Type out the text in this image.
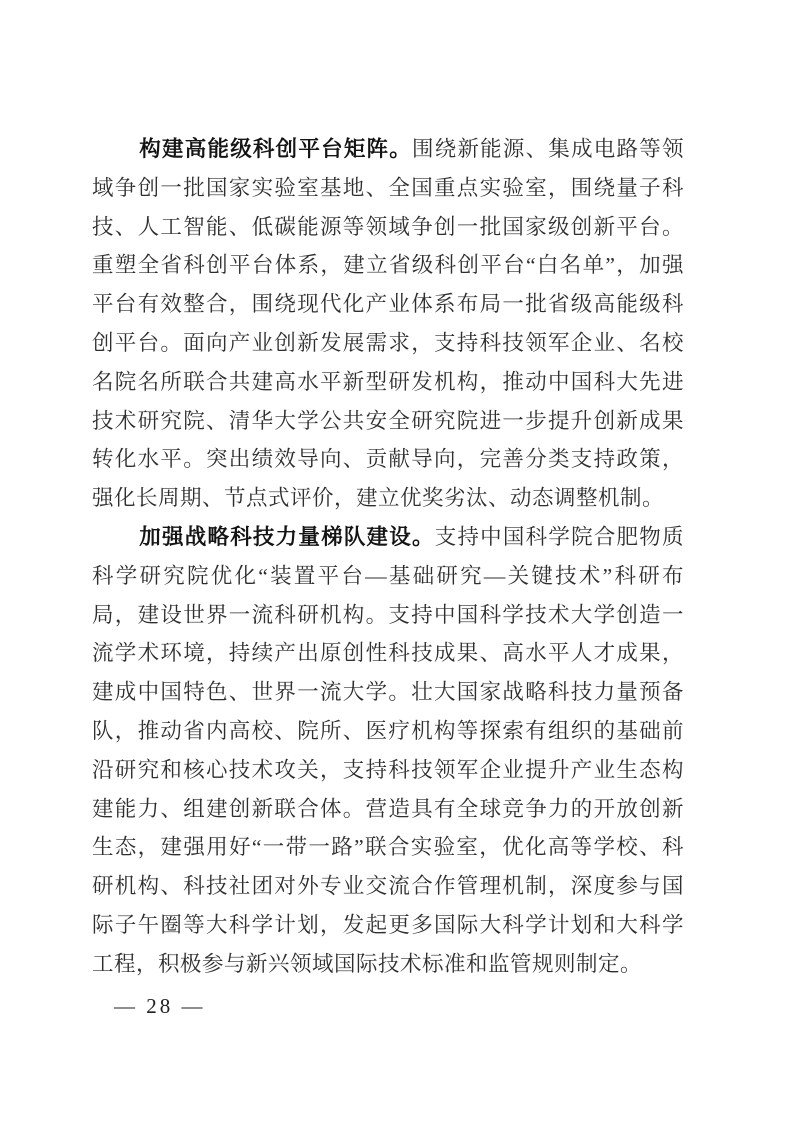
构建高能级科创平台矩阵。围绕新能源、集成电路等领域争创一批国家实验室基地、全国重点实验室，围绕量子科技、人工智能、低碳能源等领域争创一批国家级创新平台。重塑全省科创平台体系，建立省级科创平台“白名单”，加强平台有效整合，围绕现代化产业体系布局一批省级高能级科创平台。面向产业创新发展需求，支持科技领军企业、名校名院名所联合共建高水平新型研发机构，推动中国科大先进技术研究院、清华大学公共安全研究院进一步提升创新成果转化水平。突出绩效导向、贡献导向，完善分类支持政策，强化长周期、节点式评价，建立优奖劣汰、动态调整机制。

加强战略科技力量梯队建设。支持中国科学院合肥物质科学研究院优化“装置平台—基础研究—关键技术”科研布局，建设世界一流科研机构。支持中国科学技术大学创造一流学术环境，持续产出原创性科技成果、高水平人才成果，建成中国特色、世界一流大学。壮大国家战略科技力量预备队，推动省内高校、院所、医疗机构等探索有组织的基础前沿研究和核心技术攻关，支持科技领军企业提升产业生态构建能力、组建创新联合体。营造具有全球竞争力的开放创新生态，建强用好“一带一路”联合实验室，优化高等学校、科研机构、科技社团对外专业交流合作管理机制，深度参与国际子午圈等大科学计划，发起更多国际大科学计划和大科学工程，积极参与新兴领域国际技术标准和监管规则制定。

— 28 —
